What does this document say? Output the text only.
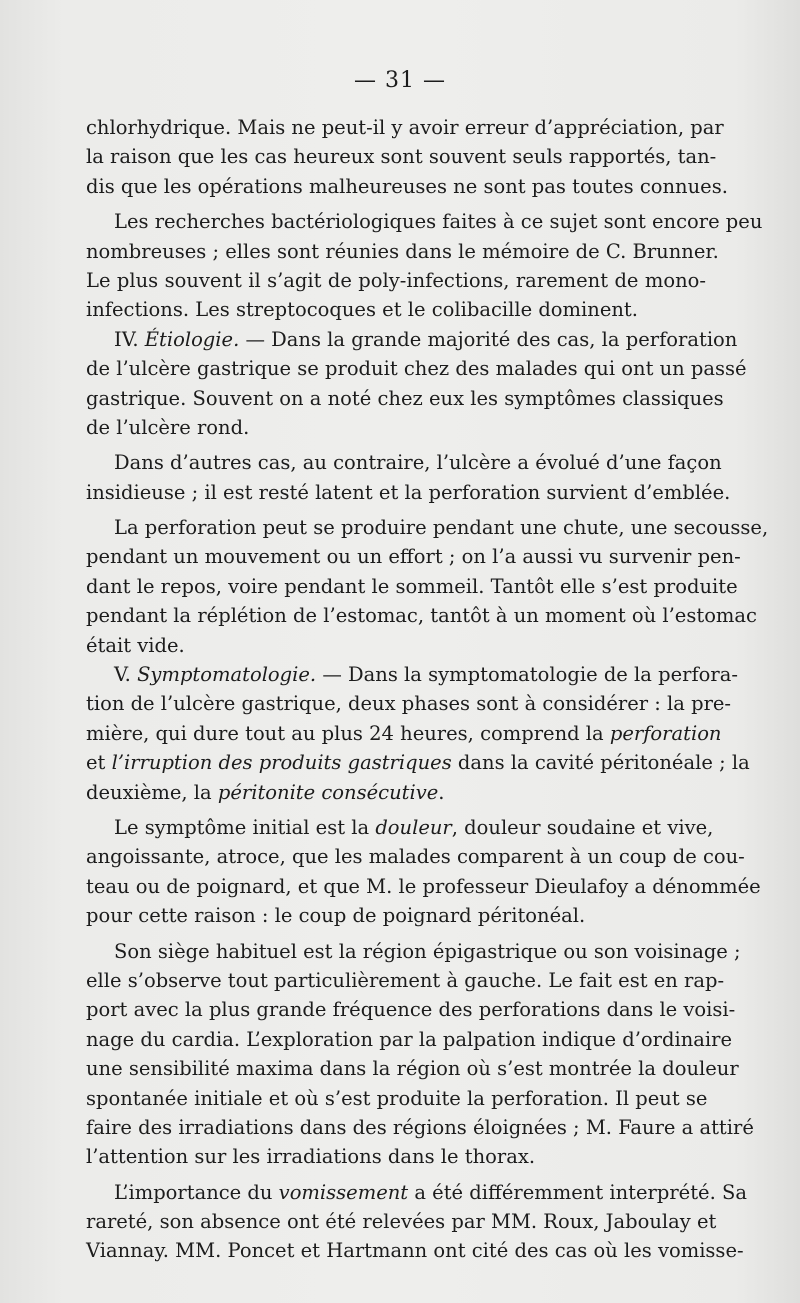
— 31 —
chlorhydrique. Mais ne peut-il y avoir erreur d’appréciation, par
la raison que les cas heureux sont souvent seuls rapportés, tan-
dis que les opérations malheureuses ne sont pas toutes connues.
Les recherches bactériologiques faites à ce sujet sont encore peu
nombreuses ; elles sont réunies dans le mémoire de C. Brunner.
Le plus souvent il s’agit de poly-infections, rarement de mono-
infections. Les streptocoques et le colibacille dominent.
IV. Étiologie. — Dans la grande majorité des cas, la perforation
de l’ulcère gastrique se produit chez des malades qui ont un passé
gastrique. Souvent on a noté chez eux les symptômes classiques
de l’ulcère rond.
Dans d’autres cas, au contraire, l’ulcère a évolué d’une façon
insidieuse ; il est resté latent et la perforation survient d’emblée.
La perforation peut se produire pendant une chute, une secousse,
pendant un mouvement ou un effort ; on l’a aussi vu survenir pen-
dant le repos, voire pendant le sommeil. Tantôt elle s’est produite
pendant la réplétion de l’estomac, tantôt à un moment où l’estomac
était vide.
V. Symptomatologie. — Dans la symptomatologie de la perfora-
tion de l’ulcère gastrique, deux phases sont à considérer : la pre-
mière, qui dure tout au plus 24 heures, comprend la perforation
et l’irruption des produits gastriques dans la cavité péritonéale ; la
deuxième, la péritonite consécutive.
Le symptôme initial est la douleur, douleur soudaine et vive,
angoissante, atroce, que les malades comparent à un coup de cou-
teau ou de poignard, et que M. le professeur Dieulafoy a dénommée
pour cette raison : le coup de poignard péritonéal.
Son siège habituel est la région épigastrique ou son voisinage ;
elle s’observe tout particulièrement à gauche. Le fait est en rap-
port avec la plus grande fréquence des perforations dans le voisi-
nage du cardia. L’exploration par la palpation indique d’ordinaire
une sensibilité maxima dans la région où s’est montrée la douleur
spontanée initiale et où s’est produite la perforation. Il peut se
faire des irradiations dans des régions éloignées ; M. Faure a attiré
l’attention sur les irradiations dans le thorax.
L’importance du vomissement a été différemment interprété. Sa
rareté, son absence ont été relevées par MM. Roux, Jaboulay et
Viannay. MM. Poncet et Hartmann ont cité des cas où les vomisse-
